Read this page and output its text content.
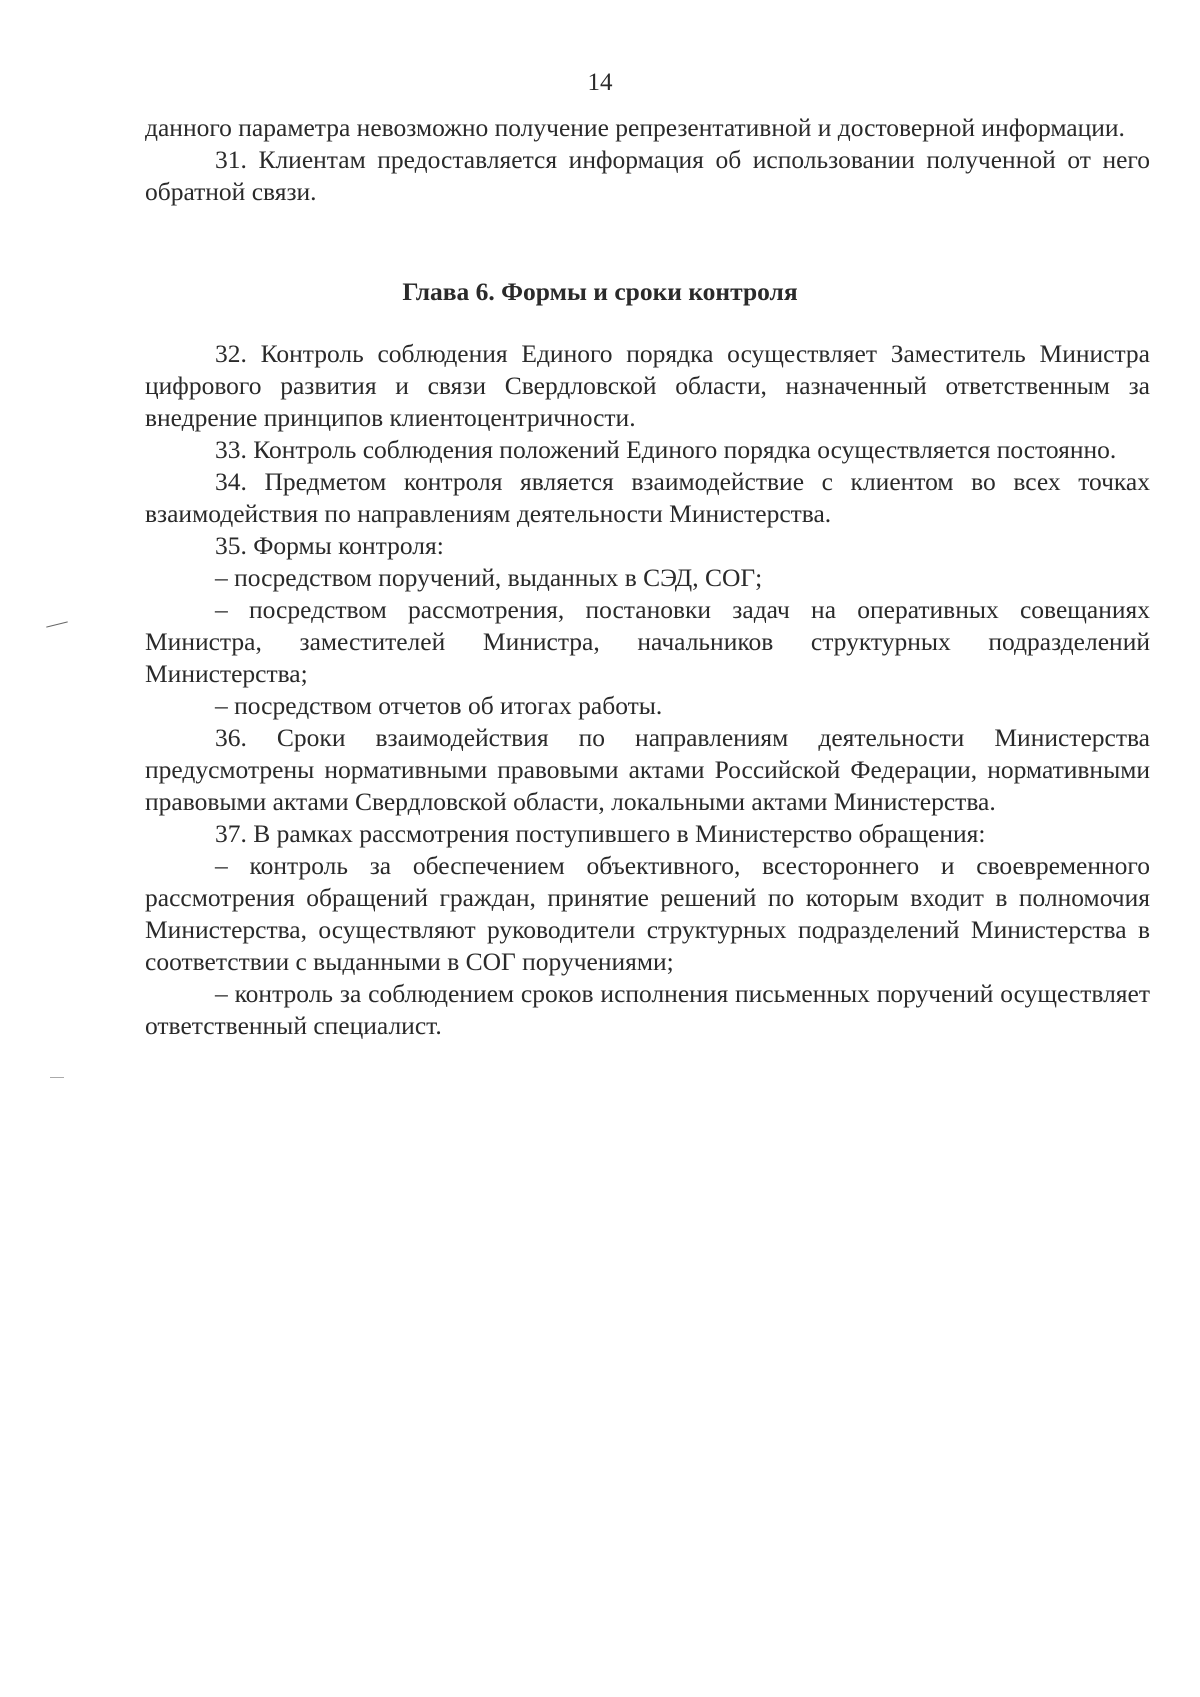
14

данного параметра невозможно получение репрезентативной и достоверной информации.

31. Клиентам предоставляется информация об использовании полученной от него обратной связи.

Глава 6. Формы и сроки контроля

32. Контроль соблюдения Единого порядка осуществляет Заместитель Министра цифрового развития и связи Свердловской области, назначенный ответственным за внедрение принципов клиентоцентричности.

33. Контроль соблюдения положений Единого порядка осуществляется постоянно.

34. Предметом контроля является взаимодействие с клиентом во всех точках взаимодействия по направлениям деятельности Министерства.

35. Формы контроля:

– посредством поручений, выданных в СЭД, СОГ;

– посредством рассмотрения, постановки задач на оперативных совещаниях Министра, заместителей Министра, начальников структурных подразделений Министерства;

– посредством отчетов об итогах работы.

36. Сроки взаимодействия по направлениям деятельности Министерства предусмотрены нормативными правовыми актами Российской Федерации, нормативными правовыми актами Свердловской области, локальными актами Министерства.

37. В рамках рассмотрения поступившего в Министерство обращения:

– контроль за обеспечением объективного, всестороннего и своевременного рассмотрения обращений граждан, принятие решений по которым входит в полномочия Министерства, осуществляют руководители структурных подразделений Министерства в соответствии с выданными в СОГ поручениями;

– контроль за соблюдением сроков исполнения письменных поручений осуществляет ответственный специалист.
